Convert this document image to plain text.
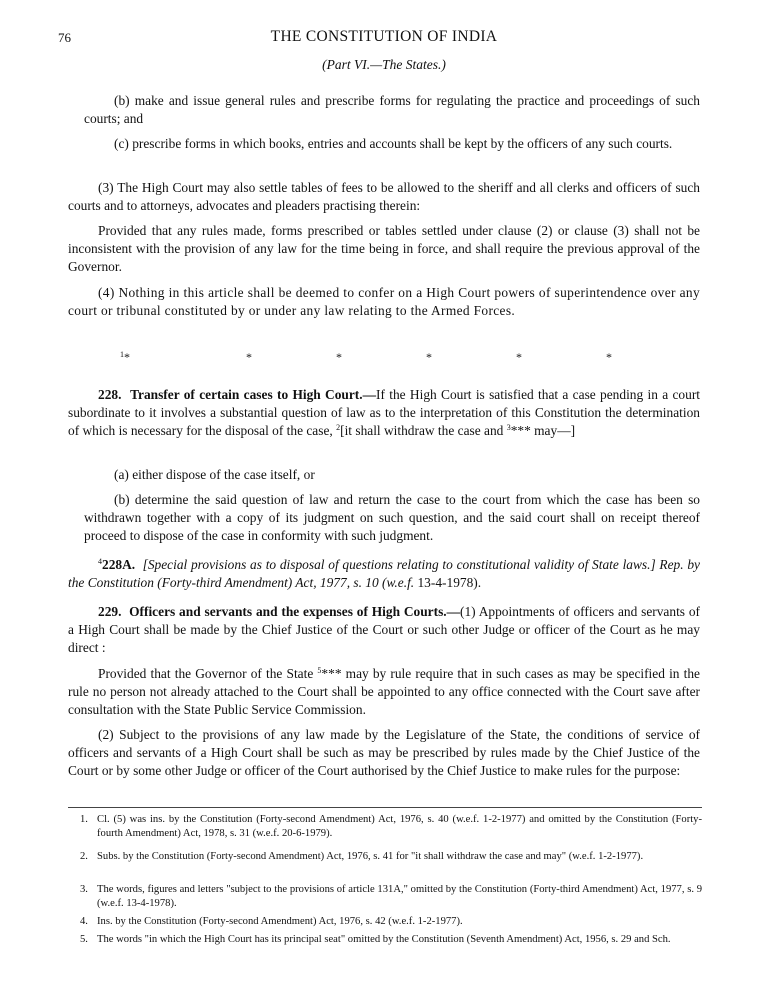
76	THE CONSTITUTION OF INDIA
(Part VI.—The States.)

(b) make and issue general rules and prescribe forms for regulating the practice and proceedings of such courts; and

(c) prescribe forms in which books, entries and accounts shall be kept by the officers of any such courts.

(3) The High Court may also settle tables of fees to be allowed to the sheriff and all clerks and officers of such courts and to attorneys, advocates and pleaders practising therein:

Provided that any rules made, forms prescribed or tables settled under clause (2) or clause (3) shall not be inconsistent with the provision of any law for the time being in force, and shall require the previous approval of the Governor.

(4) Nothing in this article shall be deemed to confer on a High Court powers of superintendence over any court or tribunal constituted by or under any law relating to the Armed Forces.

$^1$*	*	*	*	*	*

228. Transfer of certain cases to High Court.—If the High Court is satisfied that a case pending in a court subordinate to it involves a substantial question of law as to the interpretation of this Constitution the determination of which is necessary for the disposal of the case, $^2$[it shall withdraw the case and $^3$*** may—]

(a) either dispose of the case itself, or

(b) determine the said question of law and return the case to the court from which the case has been so withdrawn together with a copy of its judgment on such question, and the said court shall on receipt thereof proceed to dispose of the case in conformity with such judgment.

$^4$228A. [Special provisions as to disposal of questions relating to constitutional validity of State laws.] Rep. by the Constitution (Forty-third Amendment) Act, 1977, s. 10 (w.e.f. 13-4-1978).

229. Officers and servants and the expenses of High Courts.—(1) Appointments of officers and servants of a High Court shall be made by the Chief Justice of the Court or such other Judge or officer of the Court as he may direct :

Provided that the Governor of the State $^5$*** may by rule require that in such cases as may be specified in the rule no person not already attached to the Court shall be appointed to any office connected with the Court save after consultation with the State Public Service Commission.

(2) Subject to the provisions of any law made by the Legislature of the State, the conditions of service of officers and servants of a High Court shall be such as may be prescribed by rules made by the Chief Justice of the Court or by some other Judge or officer of the Court authorised by the Chief Justice to make rules for the purpose:

1. Cl. (5) was ins. by the Constitution (Forty-second Amendment) Act, 1976, s. 40 (w.e.f. 1-2-1977) and omitted by the Constitution (Forty-fourth Amendment) Act, 1978, s. 31 (w.e.f. 20-6-1979).
2. Subs. by the Constitution (Forty-second Amendment) Act, 1976, s. 41 for "it shall withdraw the case and may" (w.e.f. 1-2-1977).
3. The words, figures and letters "subject to the provisions of article 131A," omitted by the Constitution (Forty-third Amendment) Act, 1977, s. 9 (w.e.f. 13-4-1978).
4. Ins. by the Constitution (Forty-second Amendment) Act, 1976, s. 42 (w.e.f. 1-2-1977).
5. The words "in which the High Court has its principal seat" omitted by the Constitution (Seventh Amendment) Act, 1956, s. 29 and Sch.
